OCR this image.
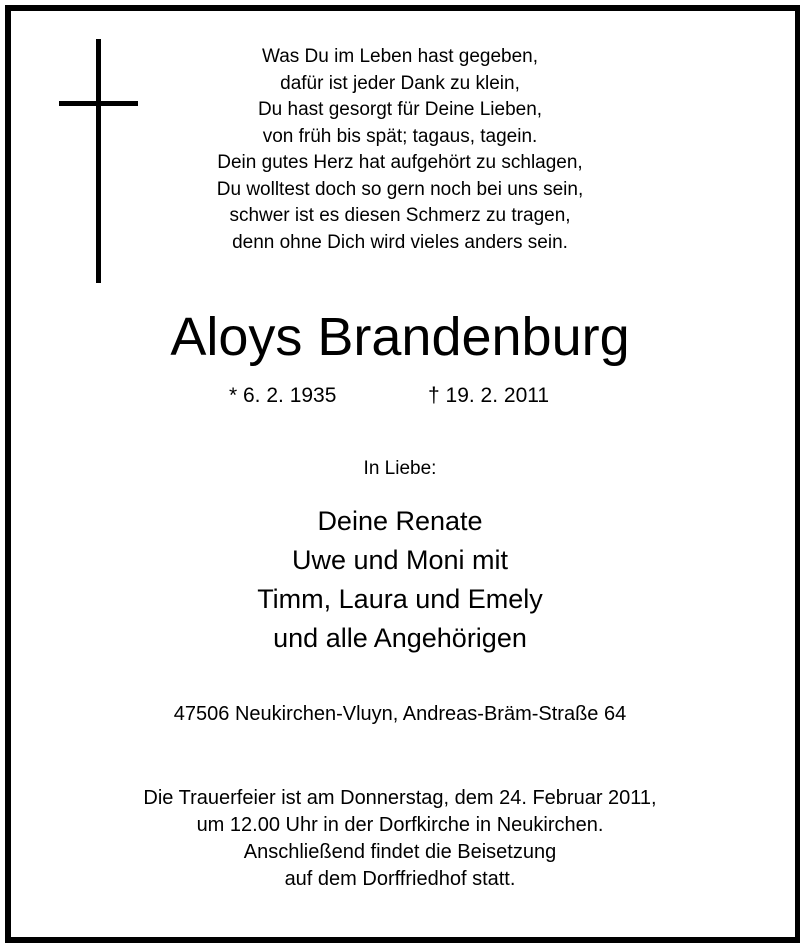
Was Du im Leben hast gegeben,
dafür ist jeder Dank zu klein,
Du hast gesorgt für Deine Lieben,
von früh bis spät; tagaus, tagein.
Dein gutes Herz hat aufgehört zu schlagen,
Du wolltest doch so gern noch bei uns sein,
schwer ist es diesen Schmerz zu tragen,
denn ohne Dich wird vieles anders sein.
Aloys Brandenburg
* 6. 2. 1935	† 19. 2. 2011
In Liebe:
Deine Renate
Uwe und Moni mit
Timm, Laura und Emely
und alle Angehörigen
47506 Neukirchen-Vluyn, Andreas-Bräm-Straße 64
Die Trauerfeier ist am Donnerstag, dem 24. Februar 2011,
um 12.00 Uhr in der Dorfkirche in Neukirchen.
Anschließend findet die Beisetzung
auf dem Dorffriedhof statt.
